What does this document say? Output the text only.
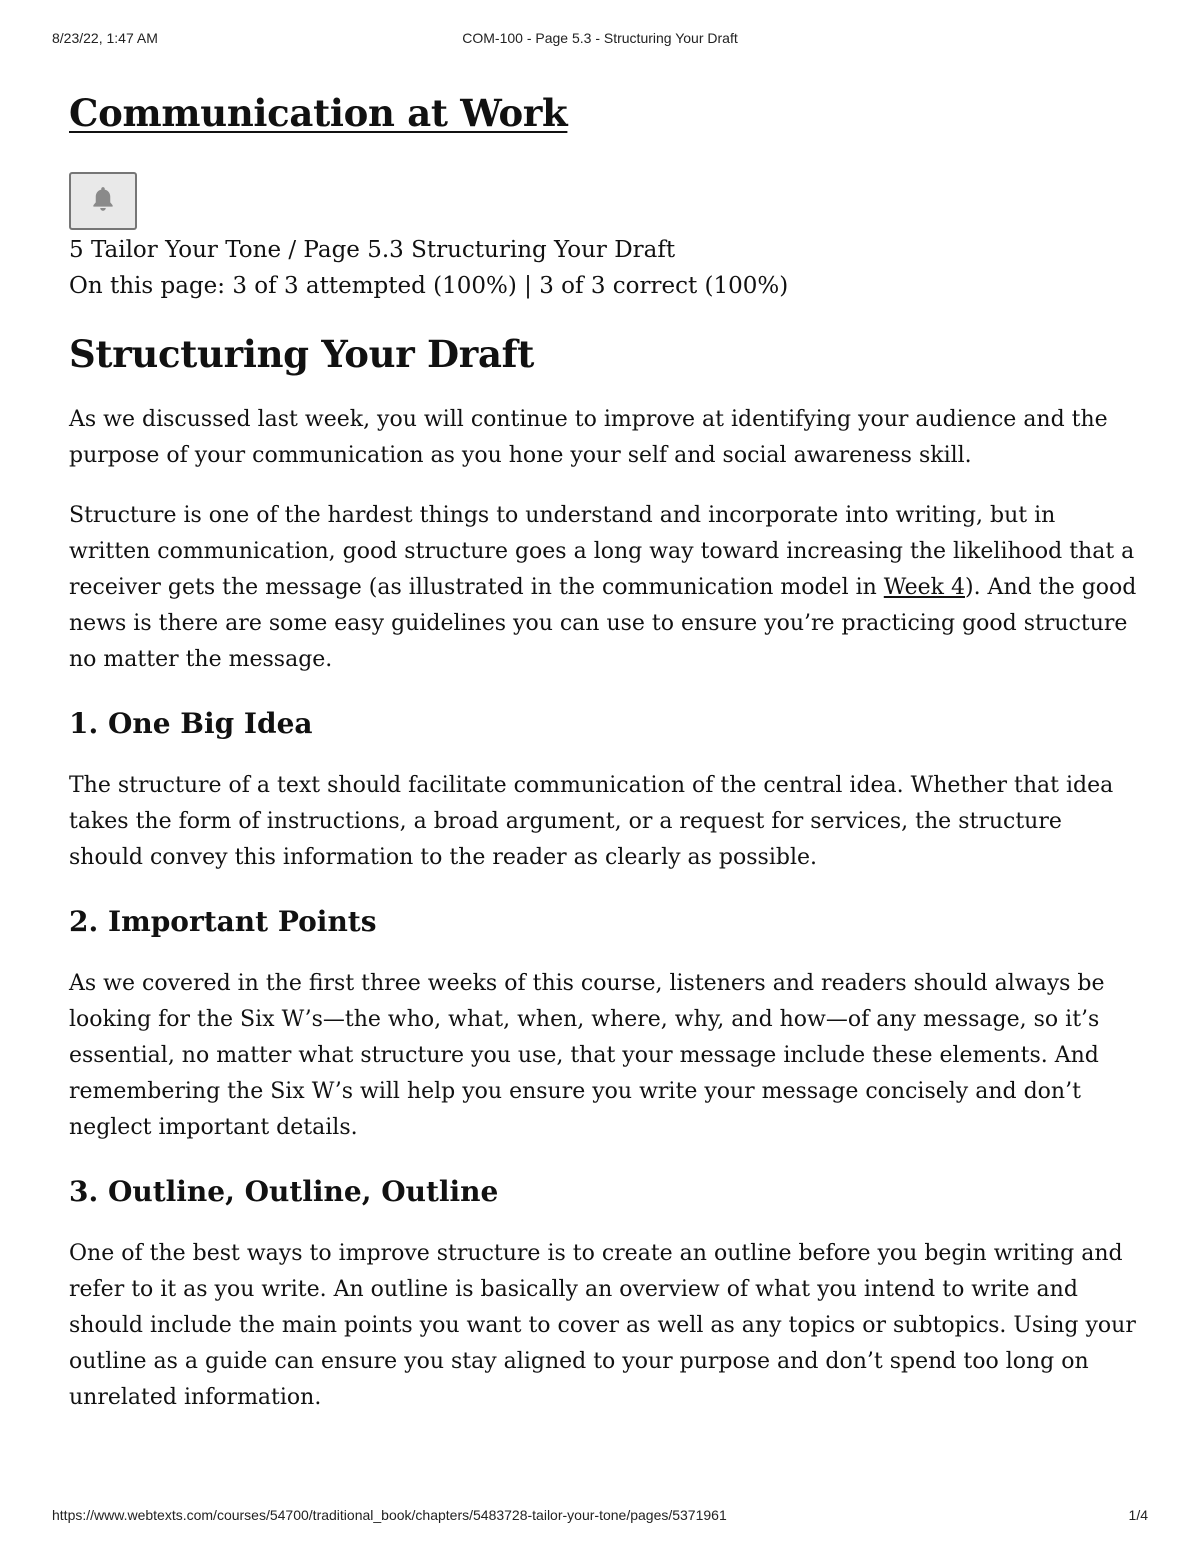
8/23/22, 1:47 AM	COM-100 - Page 5.3 - Structuring Your Draft
Communication at Work
5 Tailor Your Tone / Page 5.3 Structuring Your Draft
On this page: 3 of 3 attempted (100%) | 3 of 3 correct (100%)
Structuring Your Draft

As we discussed last week, you will continue to improve at identifying your audience and the purpose of your communication as you hone your self and social awareness skill.

Structure is one of the hardest things to understand and incorporate into writing, but in written communication, good structure goes a long way toward increasing the likelihood that a receiver gets the message (as illustrated in the communication model in Week 4). And the good news is there are some easy guidelines you can use to ensure you’re practicing good structure no matter the message.

1. One Big Idea

The structure of a text should facilitate communication of the central idea. Whether that idea takes the form of instructions, a broad argument, or a request for services, the structure should convey this information to the reader as clearly as possible.

2. Important Points

As we covered in the first three weeks of this course, listeners and readers should always be looking for the Six W’s—the who, what, when, where, why, and how—of any message, so it’s essential, no matter what structure you use, that your message include these elements. And remembering the Six W’s will help you ensure you write your message concisely and don’t neglect important details.

3. Outline, Outline, Outline

One of the best ways to improve structure is to create an outline before you begin writing and refer to it as you write. An outline is basically an overview of what you intend to write and should include the main points you want to cover as well as any topics or subtopics. Using your outline as a guide can ensure you stay aligned to your purpose and don’t spend too long on unrelated information.

https://www.webtexts.com/courses/54700/traditional_book/chapters/5483728-tailor-your-tone/pages/5371961	1/4
